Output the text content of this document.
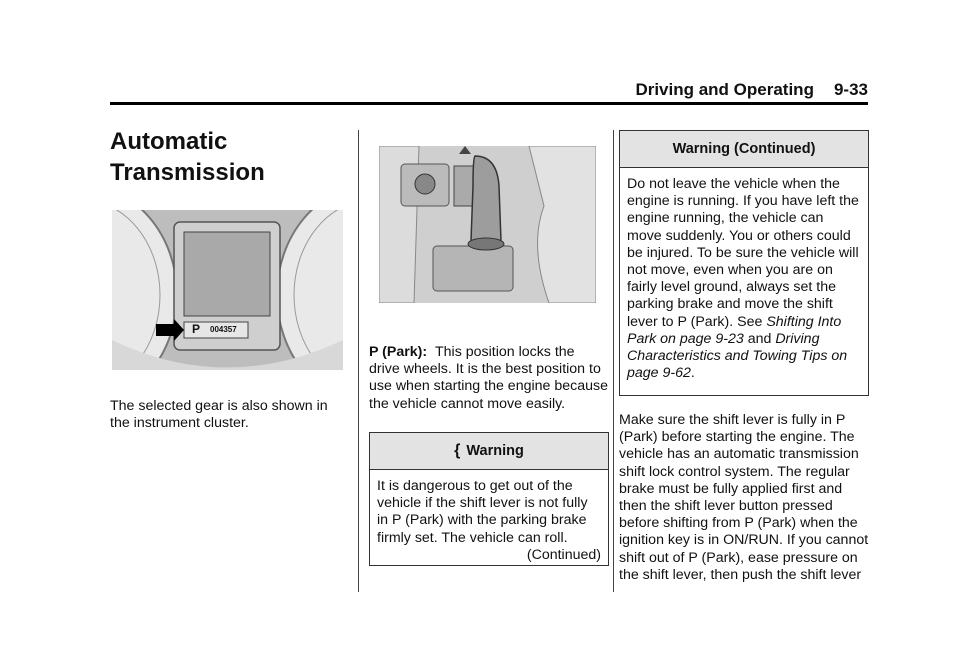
Driving and Operating 9-33
Automatic
Transmission
P 004357
The selected gear is also shown in the instrument cluster.
P (Park): This position locks the drive wheels. It is the best position to use when starting the engine because the vehicle cannot move easily.
{ Warning
It is dangerous to get out of the vehicle if the shift lever is not fully in P (Park) with the parking brake firmly set. The vehicle can roll.
(Continued)
Warning (Continued)
Do not leave the vehicle when the engine is running. If you have left the engine running, the vehicle can move suddenly. You or others could be injured. To be sure the vehicle will not move, even when you are on fairly level ground, always set the parking brake and move the shift lever to P (Park). See Shifting Into Park on page 9-23 and Driving Characteristics and Towing Tips on page 9-62.
Make sure the shift lever is fully in P (Park) before starting the engine. The vehicle has an automatic transmission shift lock control system. The regular brake must be fully applied first and then the shift lever button pressed before shifting from P (Park) when the ignition key is in ON/RUN. If you cannot shift out of P (Park), ease pressure on the shift lever, then push the shift lever
